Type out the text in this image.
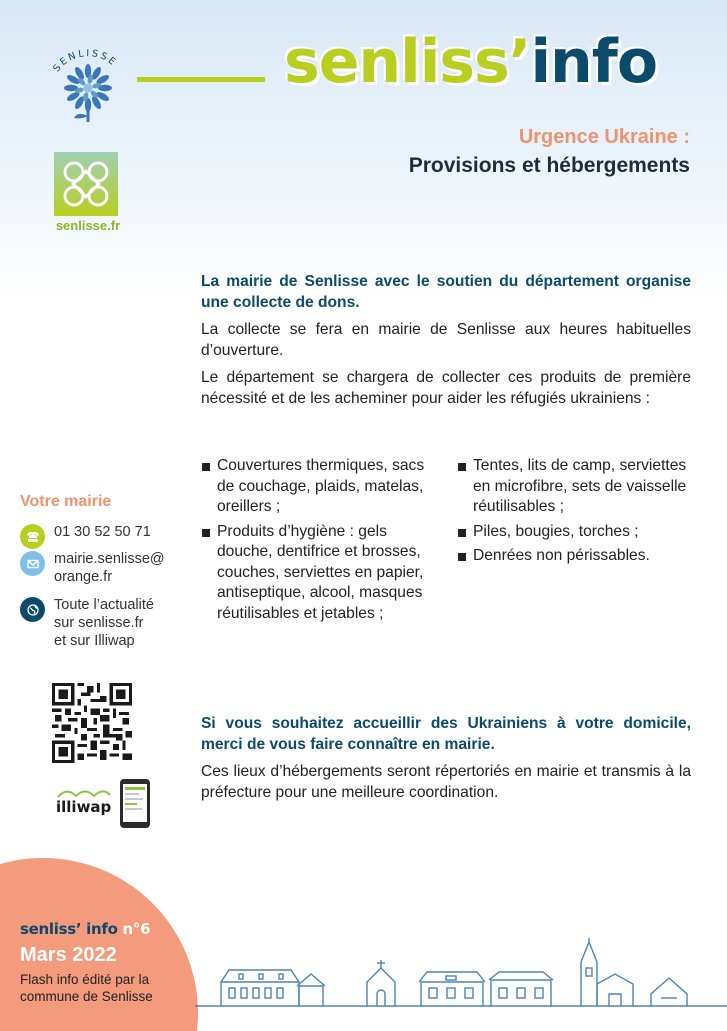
SENLISSE
senlisse.fr
senliss’info
Urgence Ukraine :
Provisions et hébergements

La mairie de Senlisse avec le soutien du département organise une collecte de dons.

La collecte se fera en mairie de Senlisse aux heures habituelles d’ouverture.

Le département se chargera de collecter ces produits de première nécessité et de les acheminer pour aider les réfugiés ukrainiens :

Couvertures thermiques, sacs de couchage, plaids, matelas, oreillers ;
Produits d’hygiène : gels douche, dentifrice et brosses, couches, serviettes en papier, antiseptique, alcool, masques réutilisables et jetables ;
Tentes, lits de camp, serviettes en microfibre, sets de vaisselle réutilisables ;
Piles, bougies, torches ;
Denrées non périssables.

Si vous souhaitez accueillir des Ukrainiens à votre domicile, merci de vous faire connaître en mairie.

Ces lieux d’hébergements seront répertoriés en mairie et transmis à la préfecture pour une meilleure coordination.

Votre mairie
01 30 52 50 71
mairie.senlisse@
orange.fr
Toute l’actualité
sur senlisse.fr
et sur Illiwap
illiwap
senliss’ info n°6
Mars 2022
Flash info édité par la
commune de Senlisse
